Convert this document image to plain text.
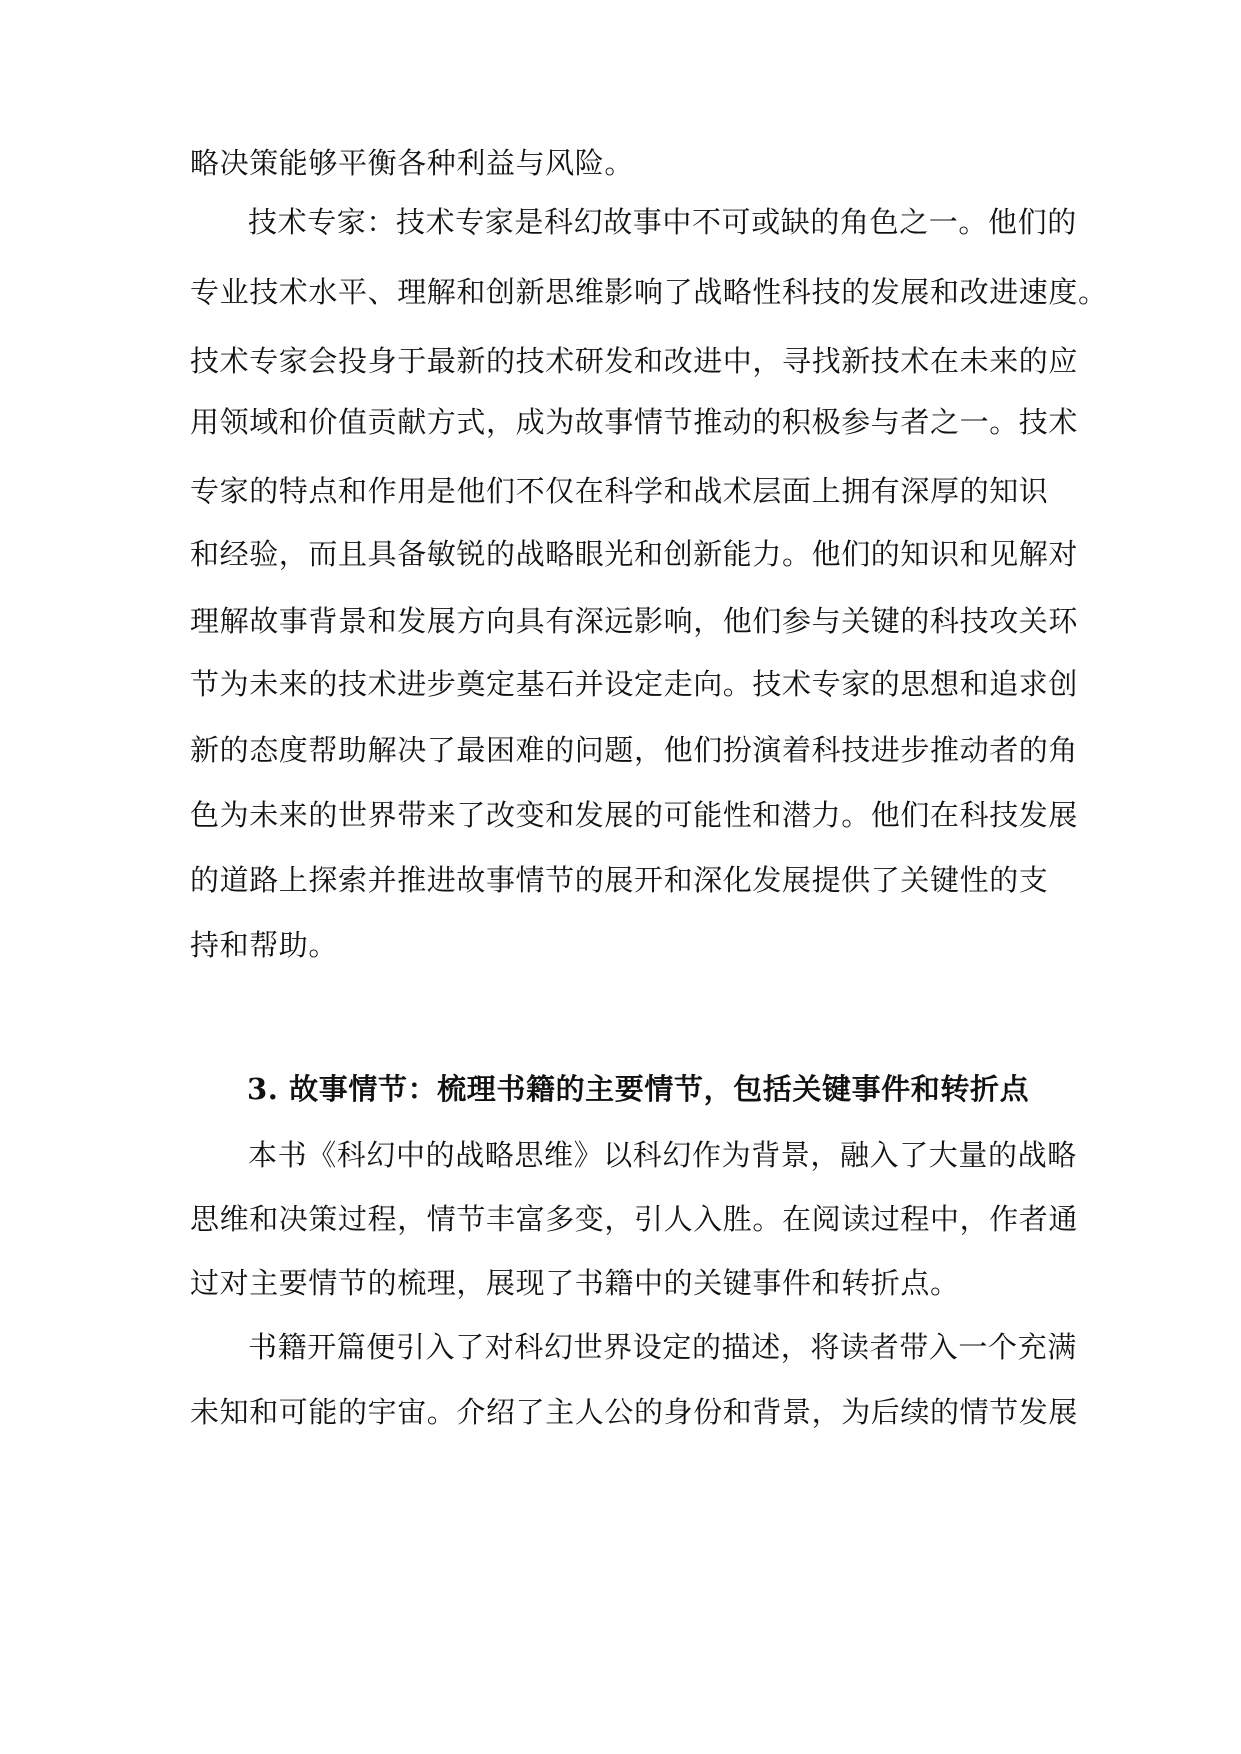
略决策能够平衡各种利益与风险。
技术专家：技术专家是科幻故事中不可或缺的角色之一。他们的
专业技术水平、理解和创新思维影响了战略性科技的发展和改进速度。
技术专家会投身于最新的技术研发和改进中，寻找新技术在未来的应
用领域和价值贡献方式，成为故事情节推动的积极参与者之一。技术
专家的特点和作用是他们不仅在科学和战术层面上拥有深厚的知识
和经验，而且具备敏锐的战略眼光和创新能力。他们的知识和见解对
理解故事背景和发展方向具有深远影响，他们参与关键的科技攻关环
节为未来的技术进步奠定基石并设定走向。技术专家的思想和追求创
新的态度帮助解决了最困难的问题，他们扮演着科技进步推动者的角
色为未来的世界带来了改变和发展的可能性和潜力。他们在科技发展
的道路上探索并推进故事情节的展开和深化发展提供了关键性的支
持和帮助。
3. 故事情节：梳理书籍的主要情节，包括关键事件和转折点
本书《科幻中的战略思维》以科幻作为背景，融入了大量的战略
思维和决策过程，情节丰富多变，引人入胜。在阅读过程中，作者通
过对主要情节的梳理，展现了书籍中的关键事件和转折点。
书籍开篇便引入了对科幻世界设定的描述，将读者带入一个充满
未知和可能的宇宙。介绍了主人公的身份和背景，为后续的情节发展
